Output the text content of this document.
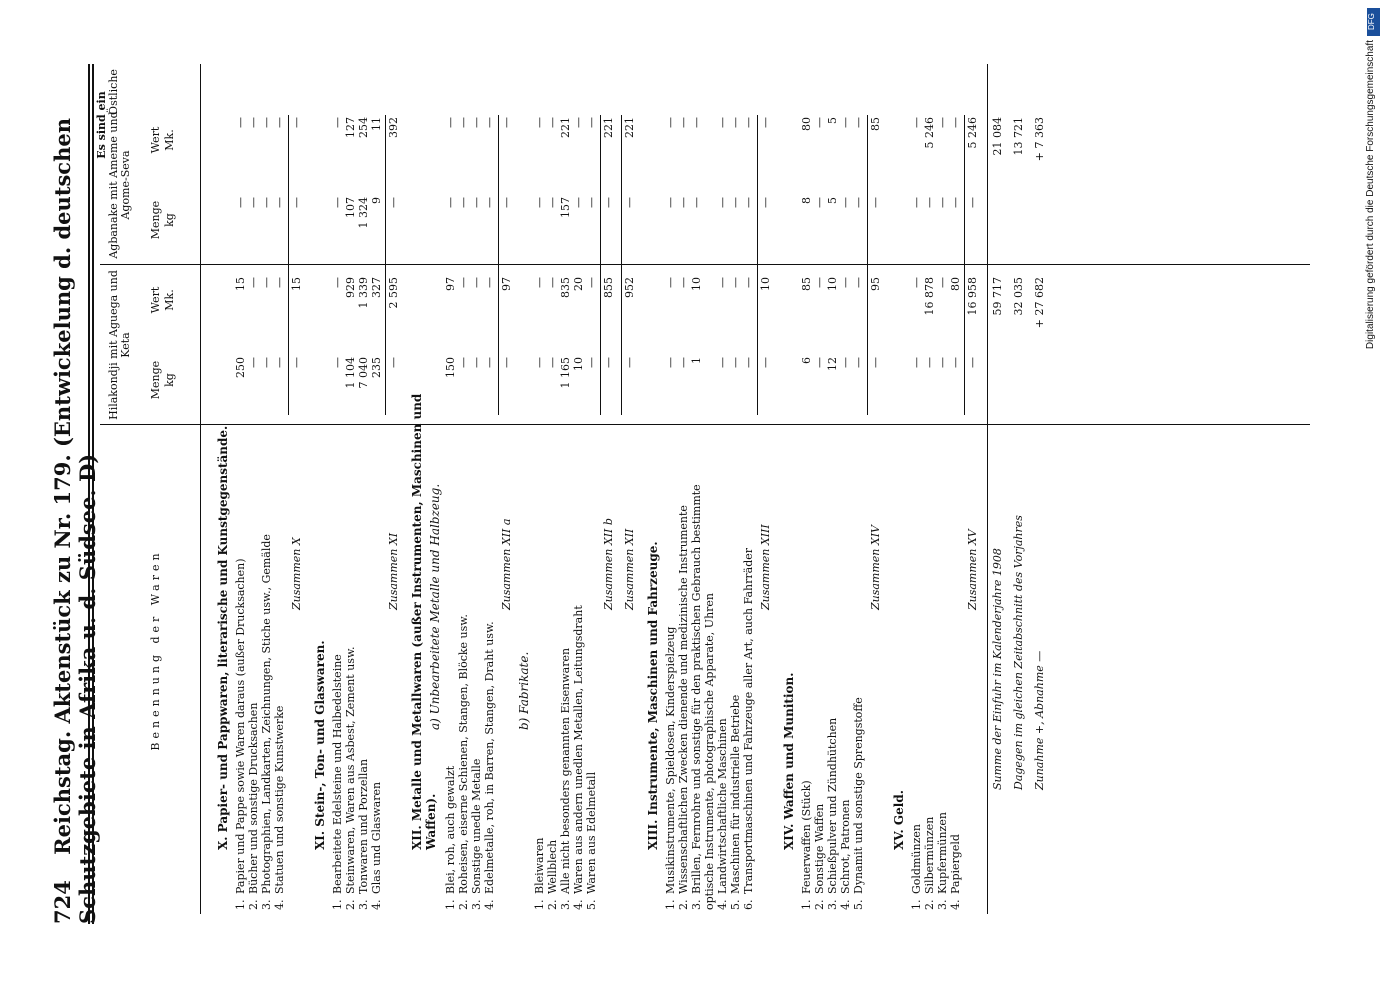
724 Reichstag. Aktenstück zu Nr. 179. (Entwickelung d. deutschen Schutzgebiete in Afrika u. d. Südsee. D)	Benennung der Waren
Hilakondji mit Aguega und Keta
Agbanake mit Ameme und Agome-Seva
Östliche
Es sind ein
Menge
Wert
Menge
Wert
kg
Mk.
kg
Mk.
X. Papier- und Pappwaren, literarische und Kunstgegenstände.
1.Papier und Pappe sowie Waren daraus (außer Drucksachen)
250
15
—
—
2.Bücher und sonstige Drucksachen
—
—
—
—
3.Photographien, Landkarten, Zeichnungen, Stiche usw., Gemälde
—
—
—
—
4.Statuen und sonstige Kunstwerke
—
—
—
—
Zusammen X
—
15
—
—
XI. Stein-, Ton- und Glaswaren.
1.Bearbeitete Edelsteine und Halbedelsteine
—
—
—
—
2.Steinwaren, Waren aus Asbest, Zement usw.
1 104
929
107
127
3.Tonwaren und Porzellan
7 040
1 339
1 324
254
4.Glas und Glaswaren
235
327
9
11
Zusammen XI
—
2 595
—
392
XII. Metalle und Metallwaren (außer Instrumenten, Maschinen und Waffen).
a) Unbearbeitete Metalle und Halbzeug.
1.Blei, roh, auch gewalzt
150
97
—
—
2.Roheisen, eiserne Schienen, Stangen, Blöcke usw.
—
—
—
—
3.Sonstige unedle Metalle
—
—
—
—
4.Edelmetalle, roh, in Barren, Stangen, Draht usw.
—
—
—
—
Zusammen XII a
—
97
—
—
b) Fabrikate.
1.Bleiwaren
—
—
—
—
2.Wellblech
—
—
—
—
3.Alle nicht besonders genannten Eisenwaren
1 165
835
157
221
4.Waren aus andern unedlen Metallen, Leitungsdraht
10
20
—
—
5.Waren aus Edelmetall
—
—
—
—
Zusammen XII b
—
855
—
221
Zusammen XII
—
952
—
221
XIII. Instrumente, Maschinen und Fahrzeuge.
1.Musikinstrumente, Spieldosen, Kinderspielzeug
—
—
—
—
2.Wissenschaftlichen Zwecken dienende und medizinische Instrumente
—
—
—
—
3.Brillen, Fernrohre und sonstige für den praktischen Gebrauch bestimmte optische Instrumente, photographische Apparate, Uhren
1
10
—
—
4.Landwirtschaftliche Maschinen
—
—
—
—
5.Maschinen für industrielle Betriebe
—
—
—
—
6.Transportmaschinen und Fahrzeuge aller Art, auch Fahrräder
—
—
—
—
Zusammen XIII
—
10
—
—
XIV. Waffen und Munition.
1.Feuerwaffen (Stück)
6
85
8
80
2.Sonstige Waffen
—
—
—
—
3.Schießpulver und Zündhütchen
12
10
5
5
4.Schrot, Patronen
—
—
—
—
5.Dynamit und sonstige Sprengstoffe
—
—
—
—
Zusammen XIV
—
95
—
85
XV. Geld.
1.Goldmünzen
—
—
—
—
2.Silbermünzen
—
16 878
—
5 246
3.Kupfermünzen
—
—
—
—
4.Papiergeld
—
80
—
—
Zusammen XV
—
16 958
—
5 246
Summe der Einfuhr im Kalenderjahre 1908
59 717
21 084
Dagegen im gleichen Zeitabschnitt des Vorjahres
32 035
13 721
Zunahme +, Abnahme —
+ 27 682
+ 7 363
DFG
Digitalisierung gefördert durch die Deutsche Forschungsgemeinschaft
